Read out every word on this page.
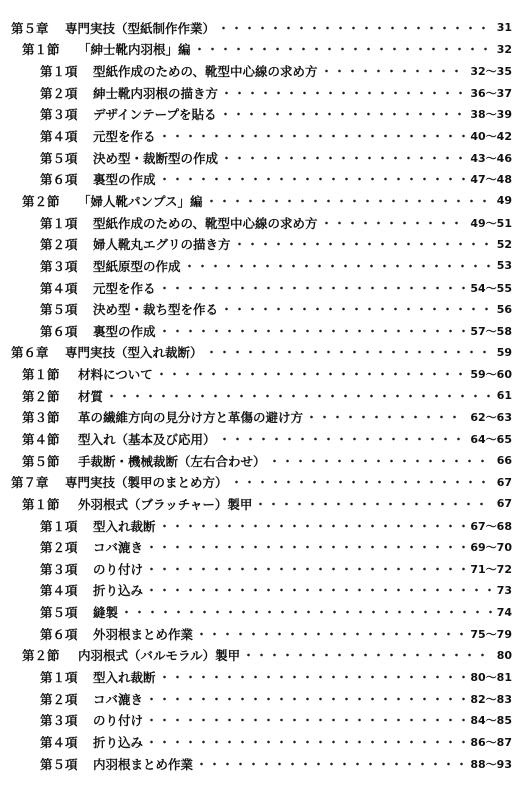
第５章	専門実技（型紙制作作業）	31
第１節	「紳士靴内羽根」編	32
第１項	型紙作成のための、靴型中心線の求め方	32～35
第２項	紳士靴内羽根の描き方	36～37
第３項	デザインテープを貼る	38～39
第４項	元型を作る	40～42
第５項	決め型・裁断型の作成	43～46
第６項	裏型の作成	47～48
第２節	「婦人靴パンプス」編	49
第１項	型紙作成のための、靴型中心線の求め方	49～51
第２項	婦人靴丸エグリの描き方	52
第３項	型紙原型の作成	53
第４項	元型を作る	54～55
第５項	決め型・裁ち型を作る	56
第６項	裏型の作成	57～58
第６章	専門実技（型入れ裁断）	59
第１節	材料について	59～60
第２節	材質	61
第３節	革の繊維方向の見分け方と革傷の避け方	62～63
第４節	型入れ（基本及び応用）	64～65
第５節	手裁断・機械裁断（左右合わせ）	66
第７章	専門実技（製甲のまとめ方）	67
第１節	外羽根式（ブラッチャー）製甲	67
第１項	型入れ裁断	67～68
第２項	コバ漉き	69～70
第３項	のり付け	71～72
第４項	折り込み	73
第５項	縫製	74
第６項	外羽根まとめ作業	75～79
第２節	内羽根式（バルモラル）製甲	80
第１項	型入れ裁断	80～81
第２項	コバ漉き	82～83
第３項	のり付け	84～85
第４項	折り込み	86～87
第５項	内羽根まとめ作業	88～93
